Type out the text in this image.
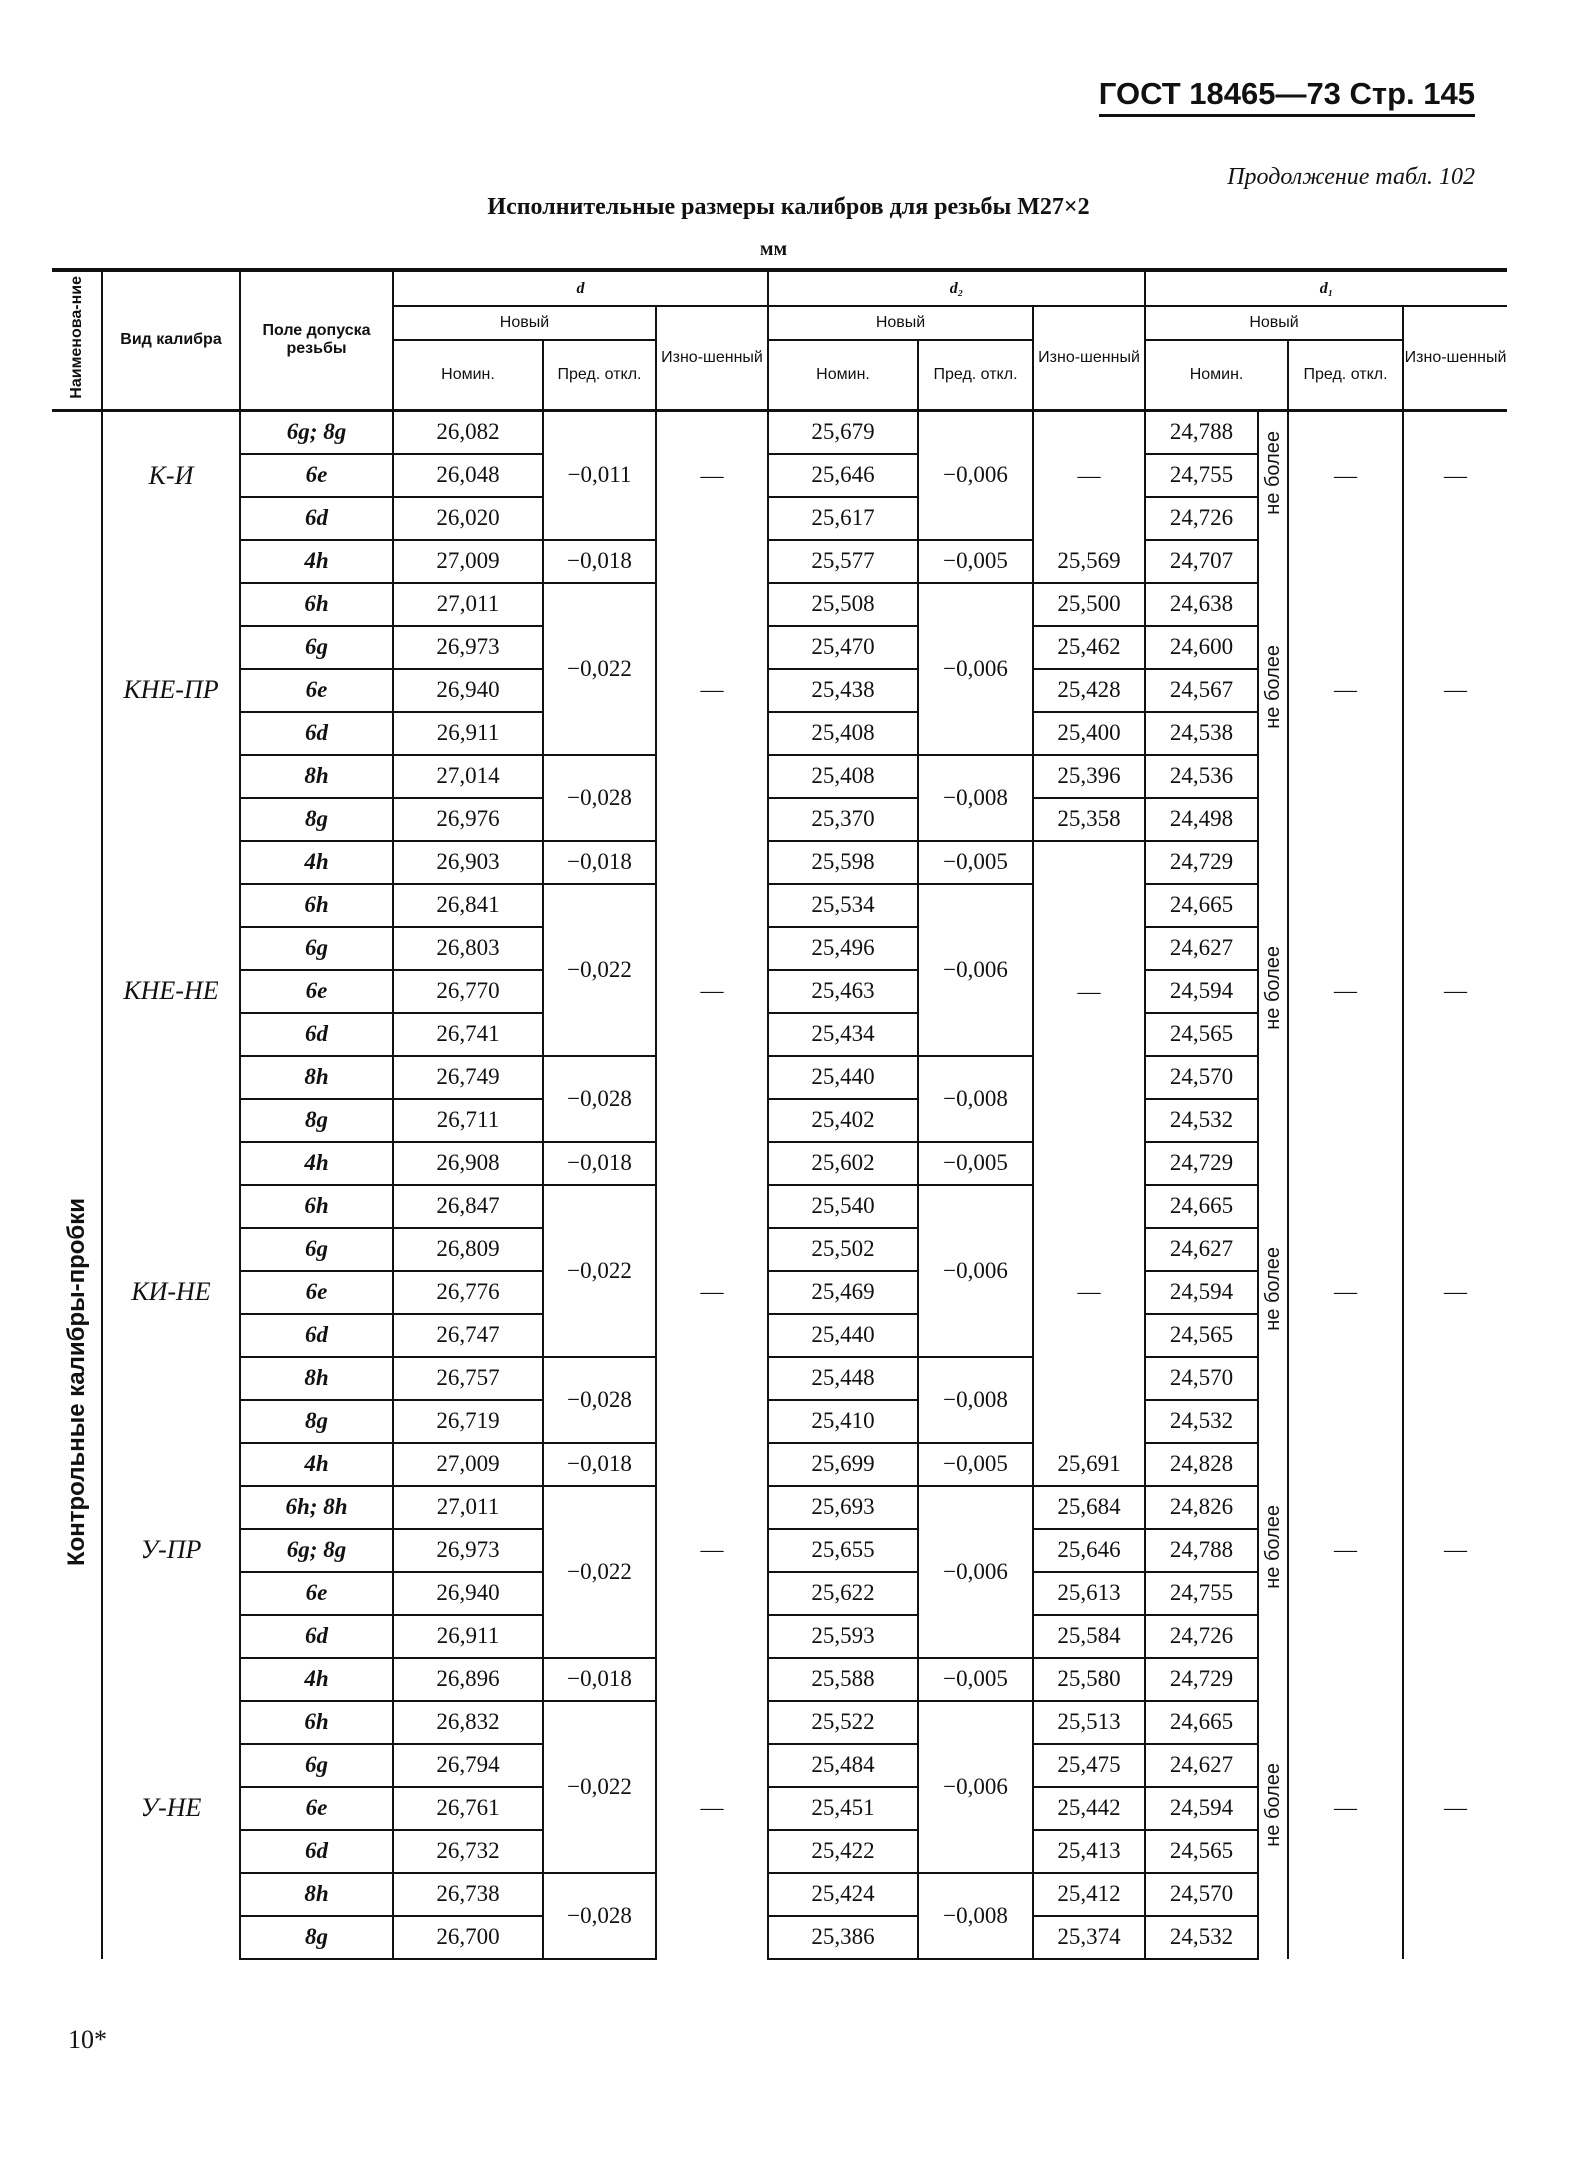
ГОСТ 18465—73 Стр. 145
Продолжение табл. 102
Исполнительные размеры калибров для резьбы М27×2
мм
Наименова-ние	Вид калибра	Поле допуска резьбы	d			d₂			d₁			
			Новый		Изно-шенный	Новый		Изно-шенный	Новый			Изно-шенный
			Номин.	Пред. откл.		Номин.	Пред. откл.		Номин.		Пред. откл.	
Контрольные калибры-пробки	К-И	6g; 8g	26,082	−0,011	—	25,679	−0,006	—	24,788	не более	—	—
		6e	26,048			25,646			24,755			
		6d	26,020			25,617			24,726			
	КНЕ-ПР	4h	27,009	−0,018	—	25,577	−0,005	25,569	24,707	не более	—	—
		6h	27,011	−0,022		25,508	−0,006	25,500	24,638			
		6g	26,973			25,470		25,462	24,600			
		6e	26,940			25,438		25,428	24,567			
		6d	26,911			25,408		25,400	24,538			
		8h	27,014	−0,028		25,408	−0,008	25,396	24,536			
		8g	26,976			25,370		25,358	24,498			
	КНЕ-НЕ	4h	26,903	−0,018	—	25,598	−0,005	—	24,729	не более	—	—
		6h	26,841	−0,022		25,534	−0,006		24,665			
		6g	26,803			25,496			24,627			
		6e	26,770			25,463			24,594			
		6d	26,741			25,434			24,565			
		8h	26,749	−0,028		25,440	−0,008		24,570			
		8g	26,711			25,402			24,532			
	КИ-НЕ	4h	26,908	−0,018	—	25,602	−0,005	—	24,729	не более	—	—
		6h	26,847	−0,022		25,540	−0,006		24,665			
		6g	26,809			25,502			24,627			
		6e	26,776			25,469			24,594			
		6d	26,747			25,440			24,565			
		8h	26,757	−0,028		25,448	−0,008		24,570			
		8g	26,719			25,410			24,532			
	У-ПР	4h	27,009	−0,018	—	25,699	−0,005	25,691	24,828	не более	—	—
		6h; 8h	27,011	−0,022		25,693	−0,006	25,684	24,826			
		6g; 8g	26,973			25,655		25,646	24,788			
		6e	26,940			25,622		25,613	24,755			
		6d	26,911			25,593		25,584	24,726			
	У-НЕ	4h	26,896	−0,018	—	25,588	−0,005	25,580	24,729	не более	—	—
		6h	26,832	−0,022		25,522	−0,006	25,513	24,665			
		6g	26,794			25,484		25,475	24,627			
		6e	26,761			25,451		25,442	24,594			
		6d	26,732			25,422		25,413	24,565			
		8h	26,738	−0,028		25,424	−0,008	25,412	24,570			
		8g	26,700			25,386		25,374	24,532			
10*
